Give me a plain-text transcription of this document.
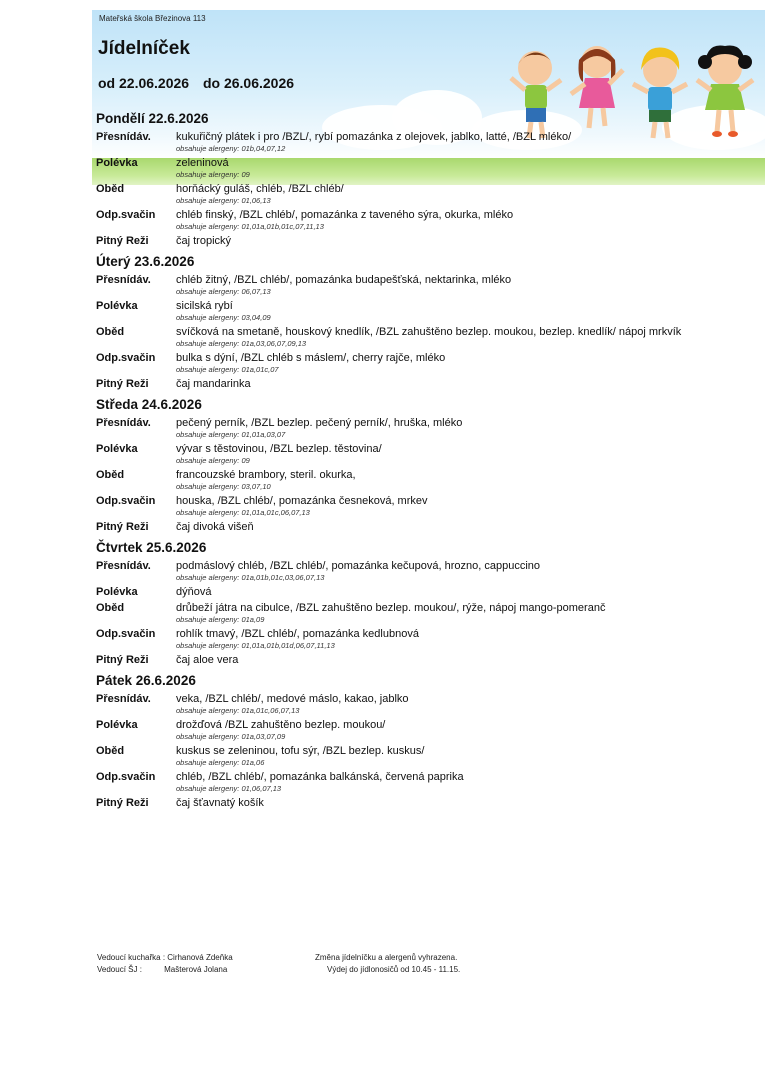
Mateřská škola Březinova 113
Jídelníček
od 22.06.2026 do 26.06.2026
Pondělí 22.6.2026
Přesnídáv.	kukuřičný plátek i pro /BZL/, rybí pomazánka z olejovek, jablko, latté, /BZL mléko/
obsahuje alergeny: 01b,04,07,12
Polévka	zeleninová
obsahuje alergeny: 09
Oběd	horňácký guláš, chléb, /BZL chléb/
obsahuje alergeny: 01,06,13
Odp.svačin	chléb finský, /BZL chléb/, pomazánka z taveného sýra, okurka, mléko
obsahuje alergeny: 01,01a,01b,01c,07,11,13
Pitný Reži	čaj tropický
Úterý 23.6.2026
Přesnídáv.	chléb žitný, /BZL chléb/, pomazánka budapešťská, nektarinka, mléko
obsahuje alergeny: 06,07,13
Polévka	sicilská rybí
obsahuje alergeny: 03,04,09
Oběd	svíčková na smetaně, houskový knedlík, /BZL zahuštěno bezlep. moukou, bezlep. knedlík/ nápoj mrkvík
obsahuje alergeny: 01a,03,06,07,09,13
Odp.svačin	bulka s dýní, /BZL chléb s máslem/, cherry rajče, mléko
obsahuje alergeny: 01a,01c,07
Pitný Reži	čaj mandarinka
Středa 24.6.2026
Přesnídáv.	pečený perník, /BZL bezlep. pečený perník/, hruška, mléko
obsahuje alergeny: 01,01a,03,07
Polévka	vývar s těstovinou, /BZL bezlep. těstovina/
obsahuje alergeny: 09
Oběd	francouzské brambory, steril. okurka,
obsahuje alergeny: 03,07,10
Odp.svačin	houska, /BZL chléb/, pomazánka česneková, mrkev
obsahuje alergeny: 01,01a,01c,06,07,13
Pitný Reži	čaj divoká višeň
Čtvrtek 25.6.2026
Přesnídáv.	podmáslový chléb, /BZL chléb/, pomazánka kečupová, hrozno, cappuccino
obsahuje alergeny: 01a,01b,01c,03,06,07,13
Polévka	dýňová
Oběd	drůbeží játra na cibulce, /BZL zahuštěno bezlep. moukou/, rýže, nápoj mango-pomeranč
obsahuje alergeny: 01a,09
Odp.svačin	rohlík tmavý, /BZL chléb/, pomazánka kedlubnová
obsahuje alergeny: 01,01a,01b,01d,06,07,11,13
Pitný Reži	čaj aloe vera
Pátek 26.6.2026
Přesnídáv.	veka, /BZL chléb/, medové máslo, kakao, jablko
obsahuje alergeny: 01a,01c,06,07,13
Polévka	drožďová /BZL zahuštěno bezlep. moukou/
obsahuje alergeny: 01a,03,07,09
Oběd	kuskus se zeleninou, tofu sýr, /BZL bezlep. kuskus/
obsahuje alergeny: 01a,06
Odp.svačin	chléb, /BZL chléb/, pomazánka balkánská, červená paprika
obsahuje alergeny: 01,06,07,13
Pitný Reži	čaj šťavnatý košík
Vedoucí kuchařka : Cirhanová Zdeňka	Změna jídelníčku a alergenů vyhrazena.
Vedoucí ŠJ :          Mašterová Jolana	Výdej do jídlonosičů od 10.45 - 11.15.
